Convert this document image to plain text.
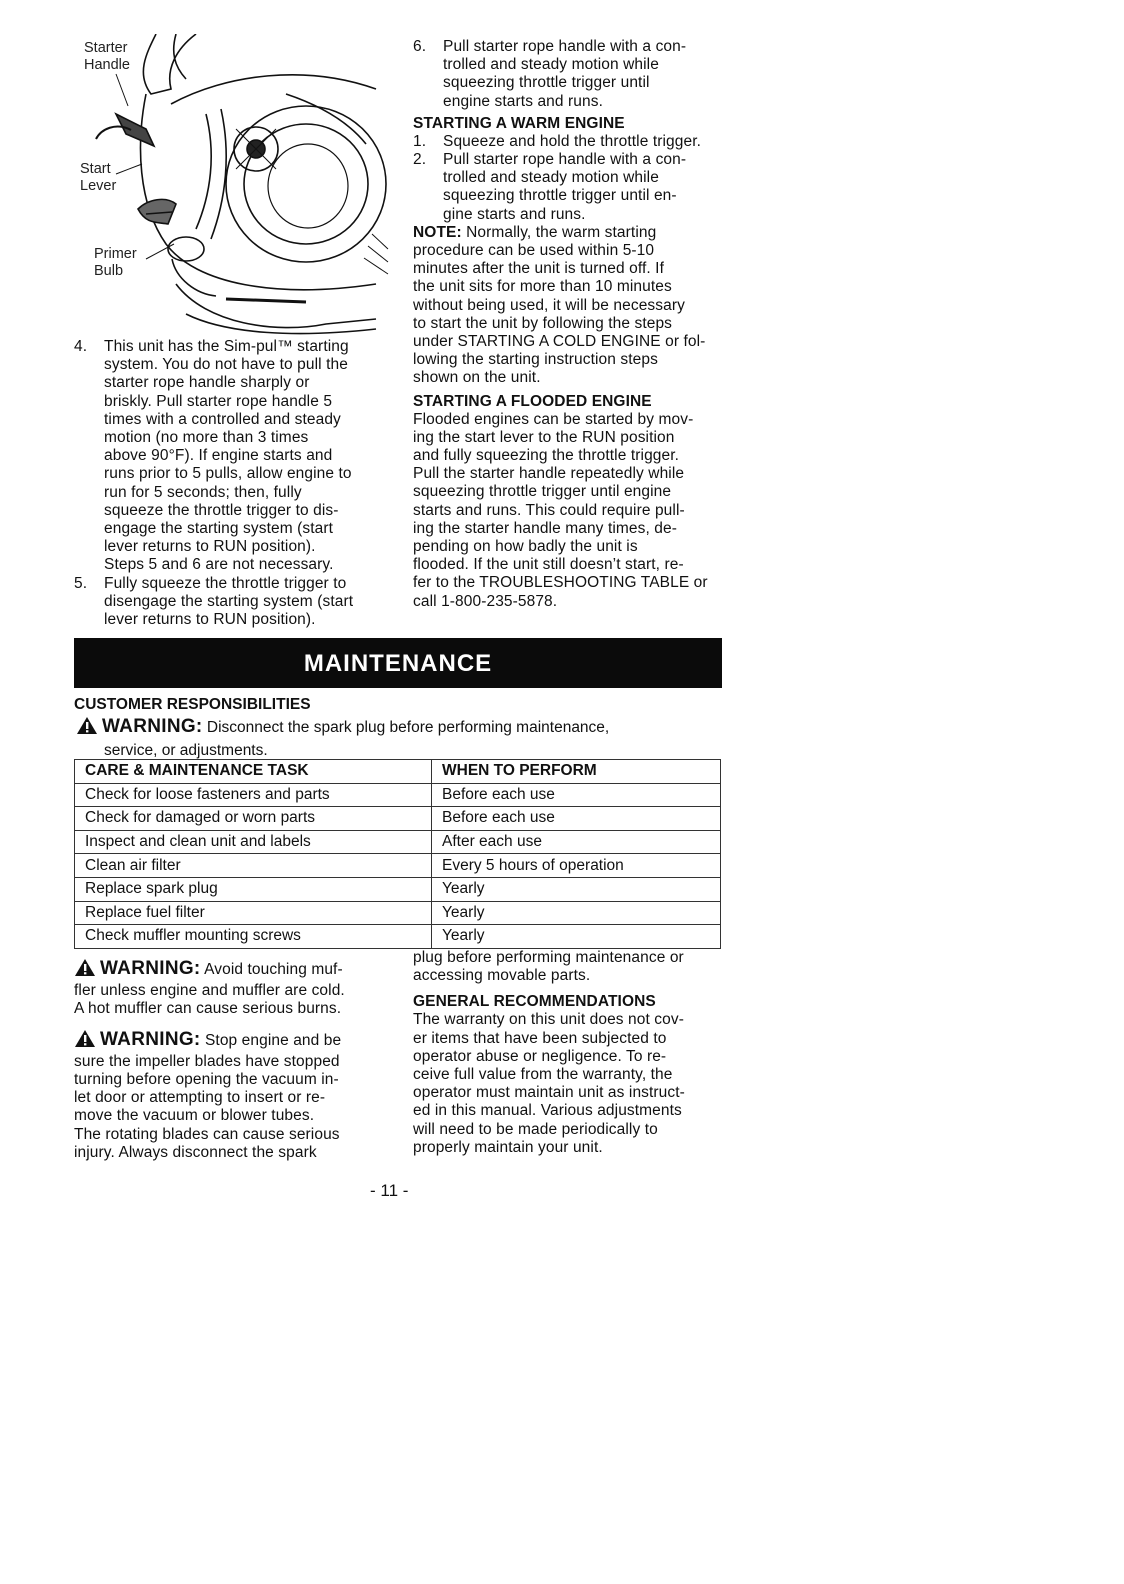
Starter
Handle
Start
Lever
Primer
Bulb
4. This unit has the Sim-pul™ starting
system. You do not have to pull the
starter rope handle sharply or
briskly. Pull starter rope handle 5
times with a controlled and steady
motion (no more than 3 times
above 90°F). If engine starts and
runs prior to 5 pulls, allow engine to
run for 5 seconds; then, fully
squeeze the throttle trigger to dis-
engage the starting system (start
lever returns to RUN position).
Steps 5 and 6 are not necessary.
5. Fully squeeze the throttle trigger to
disengage the starting system (start
lever returns to RUN position).
6. Pull starter rope handle with a con-
trolled and steady motion while
squeezing throttle trigger until
engine starts and runs.
STARTING A WARM ENGINE
1. Squeeze and hold the throttle trigger.
2. Pull starter rope handle with a con-
trolled and steady motion while
squeezing throttle trigger until en-
gine starts and runs.
NOTE: Normally, the warm starting
procedure can be used within 5-10
minutes after the unit is turned off. If
the unit sits for more than 10 minutes
without being used, it will be necessary
to start the unit by following the steps
under STARTING A COLD ENGINE or fol-
lowing the starting instruction steps
shown on the unit.
STARTING A FLOODED ENGINE
Flooded engines can be started by mov-
ing the start lever to the RUN position
and fully squeezing the throttle trigger.
Pull the starter handle repeatedly while
squeezing throttle trigger until engine
starts and runs. This could require pull-
ing the starter handle many times, de-
pending on how badly the unit is
flooded. If the unit still doesn’t start, re-
fer to the TROUBLESHOOTING TABLE or
call 1-800-235-5878.
MAINTENANCE
CUSTOMER RESPONSIBILITIES
WARNING: Disconnect the spark plug before performing maintenance,
service, or adjustments.
CARE & MAINTENANCE TASK	WHEN TO PERFORM
Check for loose fasteners and parts	Before each use
Check for damaged or worn parts	Before each use
Inspect and clean unit and labels	After each use
Clean air filter	Every 5 hours of operation
Replace spark plug	Yearly
Replace fuel filter	Yearly
Check muffler mounting screws	Yearly
WARNING: Avoid touching muf-
fler unless engine and muffler are cold.
A hot muffler can cause serious burns.
WARNING: Stop engine and be
sure the impeller blades have stopped
turning before opening the vacuum in-
let door or attempting to insert or re-
move the vacuum or blower tubes.
The rotating blades can cause serious
injury. Always disconnect the spark
plug before performing maintenance or
accessing movable parts.
GENERAL RECOMMENDATIONS
The warranty on this unit does not cov-
er items that have been subjected to
operator abuse or negligence. To re-
ceive full value from the warranty, the
operator must maintain unit as instruct-
ed in this manual. Various adjustments
will need to be made periodically to
properly maintain your unit.
- 11 -
